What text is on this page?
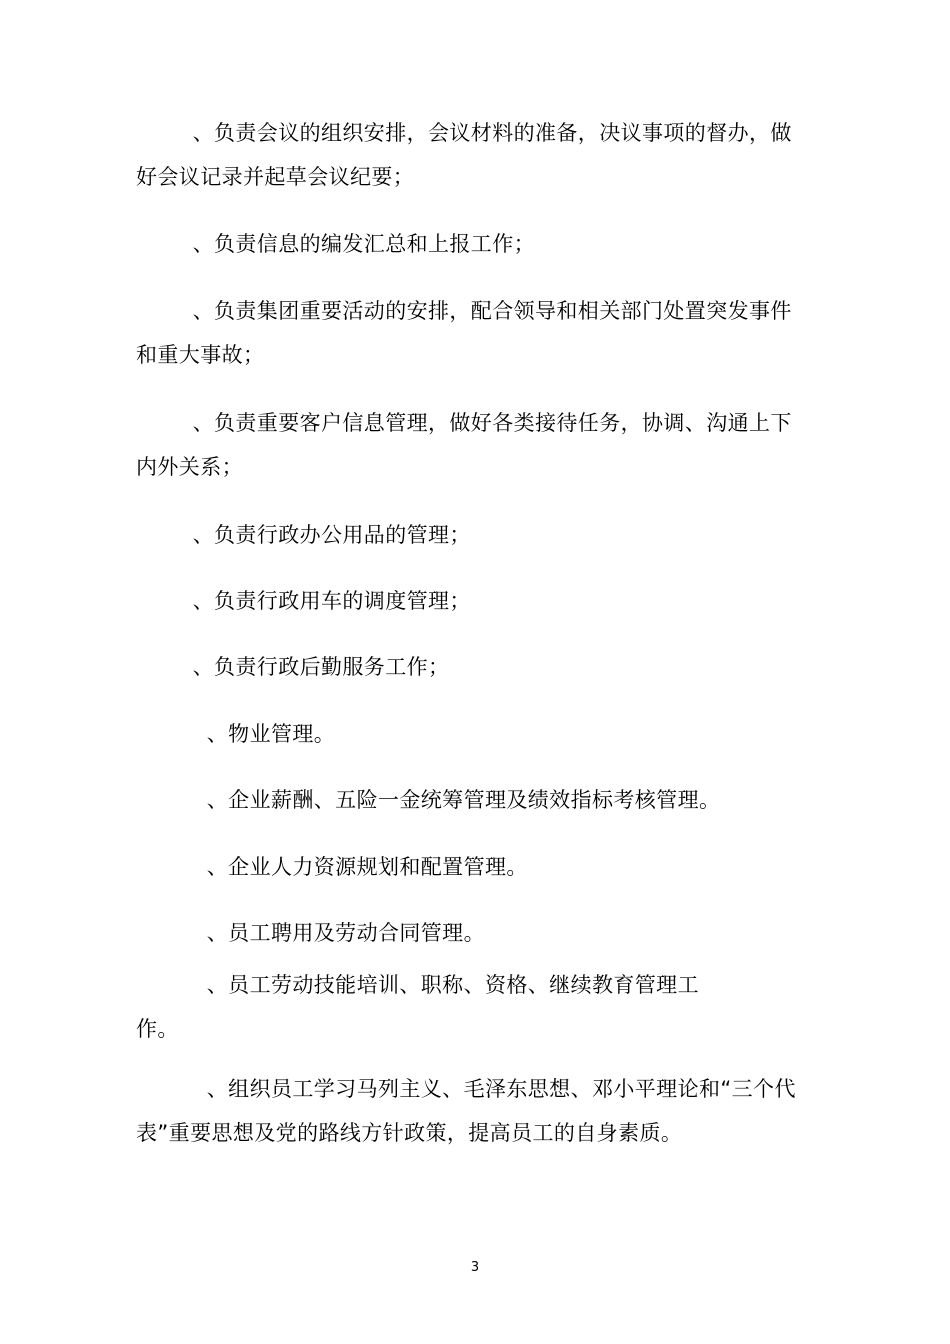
、负责会议的组织安排，会议材料的准备，决议事项的督办，做好会议记录并起草会议纪要；

、负责信息的编发汇总和上报工作；

、负责集团重要活动的安排，配合领导和相关部门处置突发事件和重大事故；

、负责重要客户信息管理，做好各类接待任务，协调、沟通上下内外关系；

、负责行政办公用品的管理；

、负责行政用车的调度管理；

、负责行政后勤服务工作；

、物业管理。

、企业薪酬、五险一金统筹管理及绩效指标考核管理。

、企业人力资源规划和配置管理。

、员工聘用及劳动合同管理。

、员工劳动技能培训、职称、资格、继续教育管理工
作。

、组织员工学习马列主义、毛泽东思想、邓小平理论和“三个代表”重要思想及党的路线方针政策，提高员工的自身素质。

3
